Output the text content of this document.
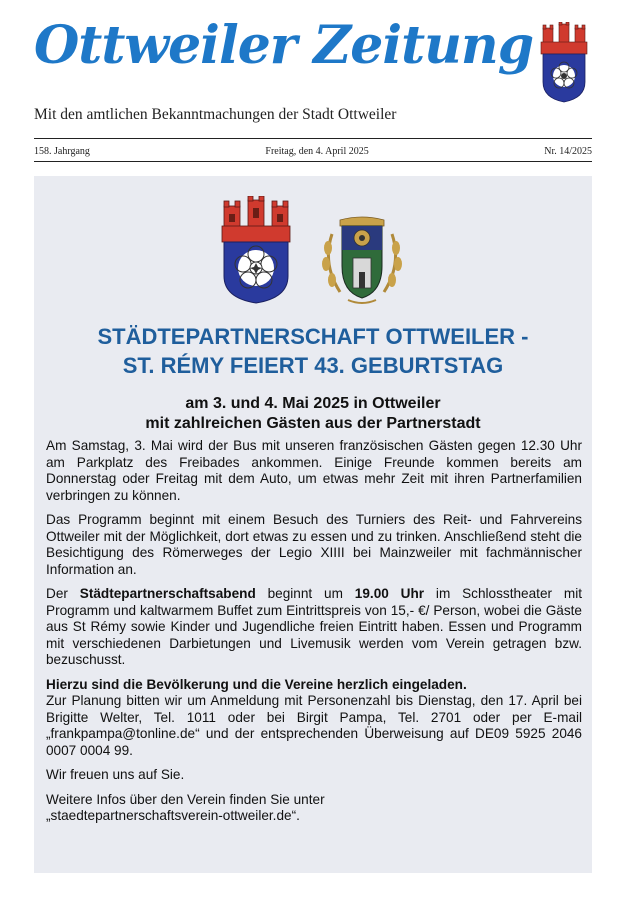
Ottweiler Zeitung
Mit den amtlichen Bekanntmachungen der Stadt Ottweiler
158. Jahrgang	Freitag, den 4. April 2025	Nr. 14/2025
STÄDTEPARTNERSCHAFT OTTWEILER -
ST. RÉMY FEIERT 43. GEBURTSTAG
am 3. und 4. Mai 2025 in Ottweiler
mit zahlreichen Gästen aus der Partnerstadt

Am Samstag, 3. Mai wird der Bus mit unseren französischen Gästen gegen 12.30 Uhr am Parkplatz des Freibades ankommen. Einige Freunde kommen bereits am Donnerstag oder Freitag mit dem Auto, um etwas mehr Zeit mit ihren Partnerfamilien verbringen zu können.

Das Programm beginnt mit einem Besuch des Turniers des Reit- und Fahrvereins Ottweiler mit der Möglichkeit, dort etwas zu essen und zu trinken. Anschließend steht die Besichtigung des Römerweges der Legio XIIII bei Mainzweiler mit fachmännischer Information an.

Der Städtepartnerschaftsabend beginnt um 19.00 Uhr im Schlosstheater mit Programm und kaltwarmem Buffet zum Eintrittspreis von 15,- €/ Person, wobei die Gäste aus St Rémy sowie Kinder und Jugendliche freien Eintritt haben. Essen und Programm mit verschiedenen Darbietungen und Livemusik werden vom Verein getragen bzw. bezuschusst.

Hierzu sind die Bevölkerung und die Vereine herzlich eingeladen.

Zur Planung bitten wir um Anmeldung mit Personenzahl bis Dienstag, den 17. April bei Brigitte Welter, Tel. 1011 oder bei Birgit Pampa, Tel. 2701 oder per E-mail „frankpampa@tonline.de“ und der entsprechenden Überweisung auf DE09 5925 2046 0007 0004 99.

Wir freuen uns auf Sie.

Weitere Infos über den Verein finden Sie unter

„staedtepartnerschaftsverein-ottweiler.de“.
